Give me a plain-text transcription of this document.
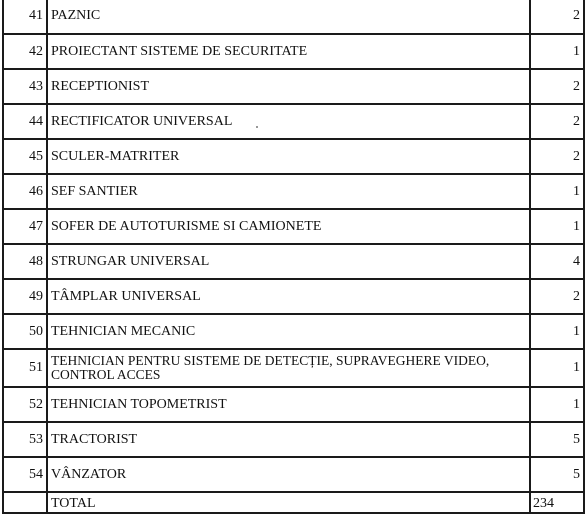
41	PAZNIC	2
42	PROIECTANT SISTEME DE SECURITATE	1
43	RECEPTIONIST	2
44	RECTIFICATOR UNIVERSAL	2
45	SCULER-MATRITER	2
46	SEF SANTIER	1
47	SOFER DE AUTOTURISME SI CAMIONETE	1
48	STRUNGAR UNIVERSAL	4
49	TÂMPLAR UNIVERSAL	2
50	TEHNICIAN MECANIC	1
51	TEHNICIAN PENTRU SISTEME DE DETECȚIE, SUPRAVEGHERE VIDEO, CONTROL ACCES	1
52	TEHNICIAN TOPOMETRIST	1
53	TRACTORIST	5
54	VÂNZATOR	5
	TOTAL	234
